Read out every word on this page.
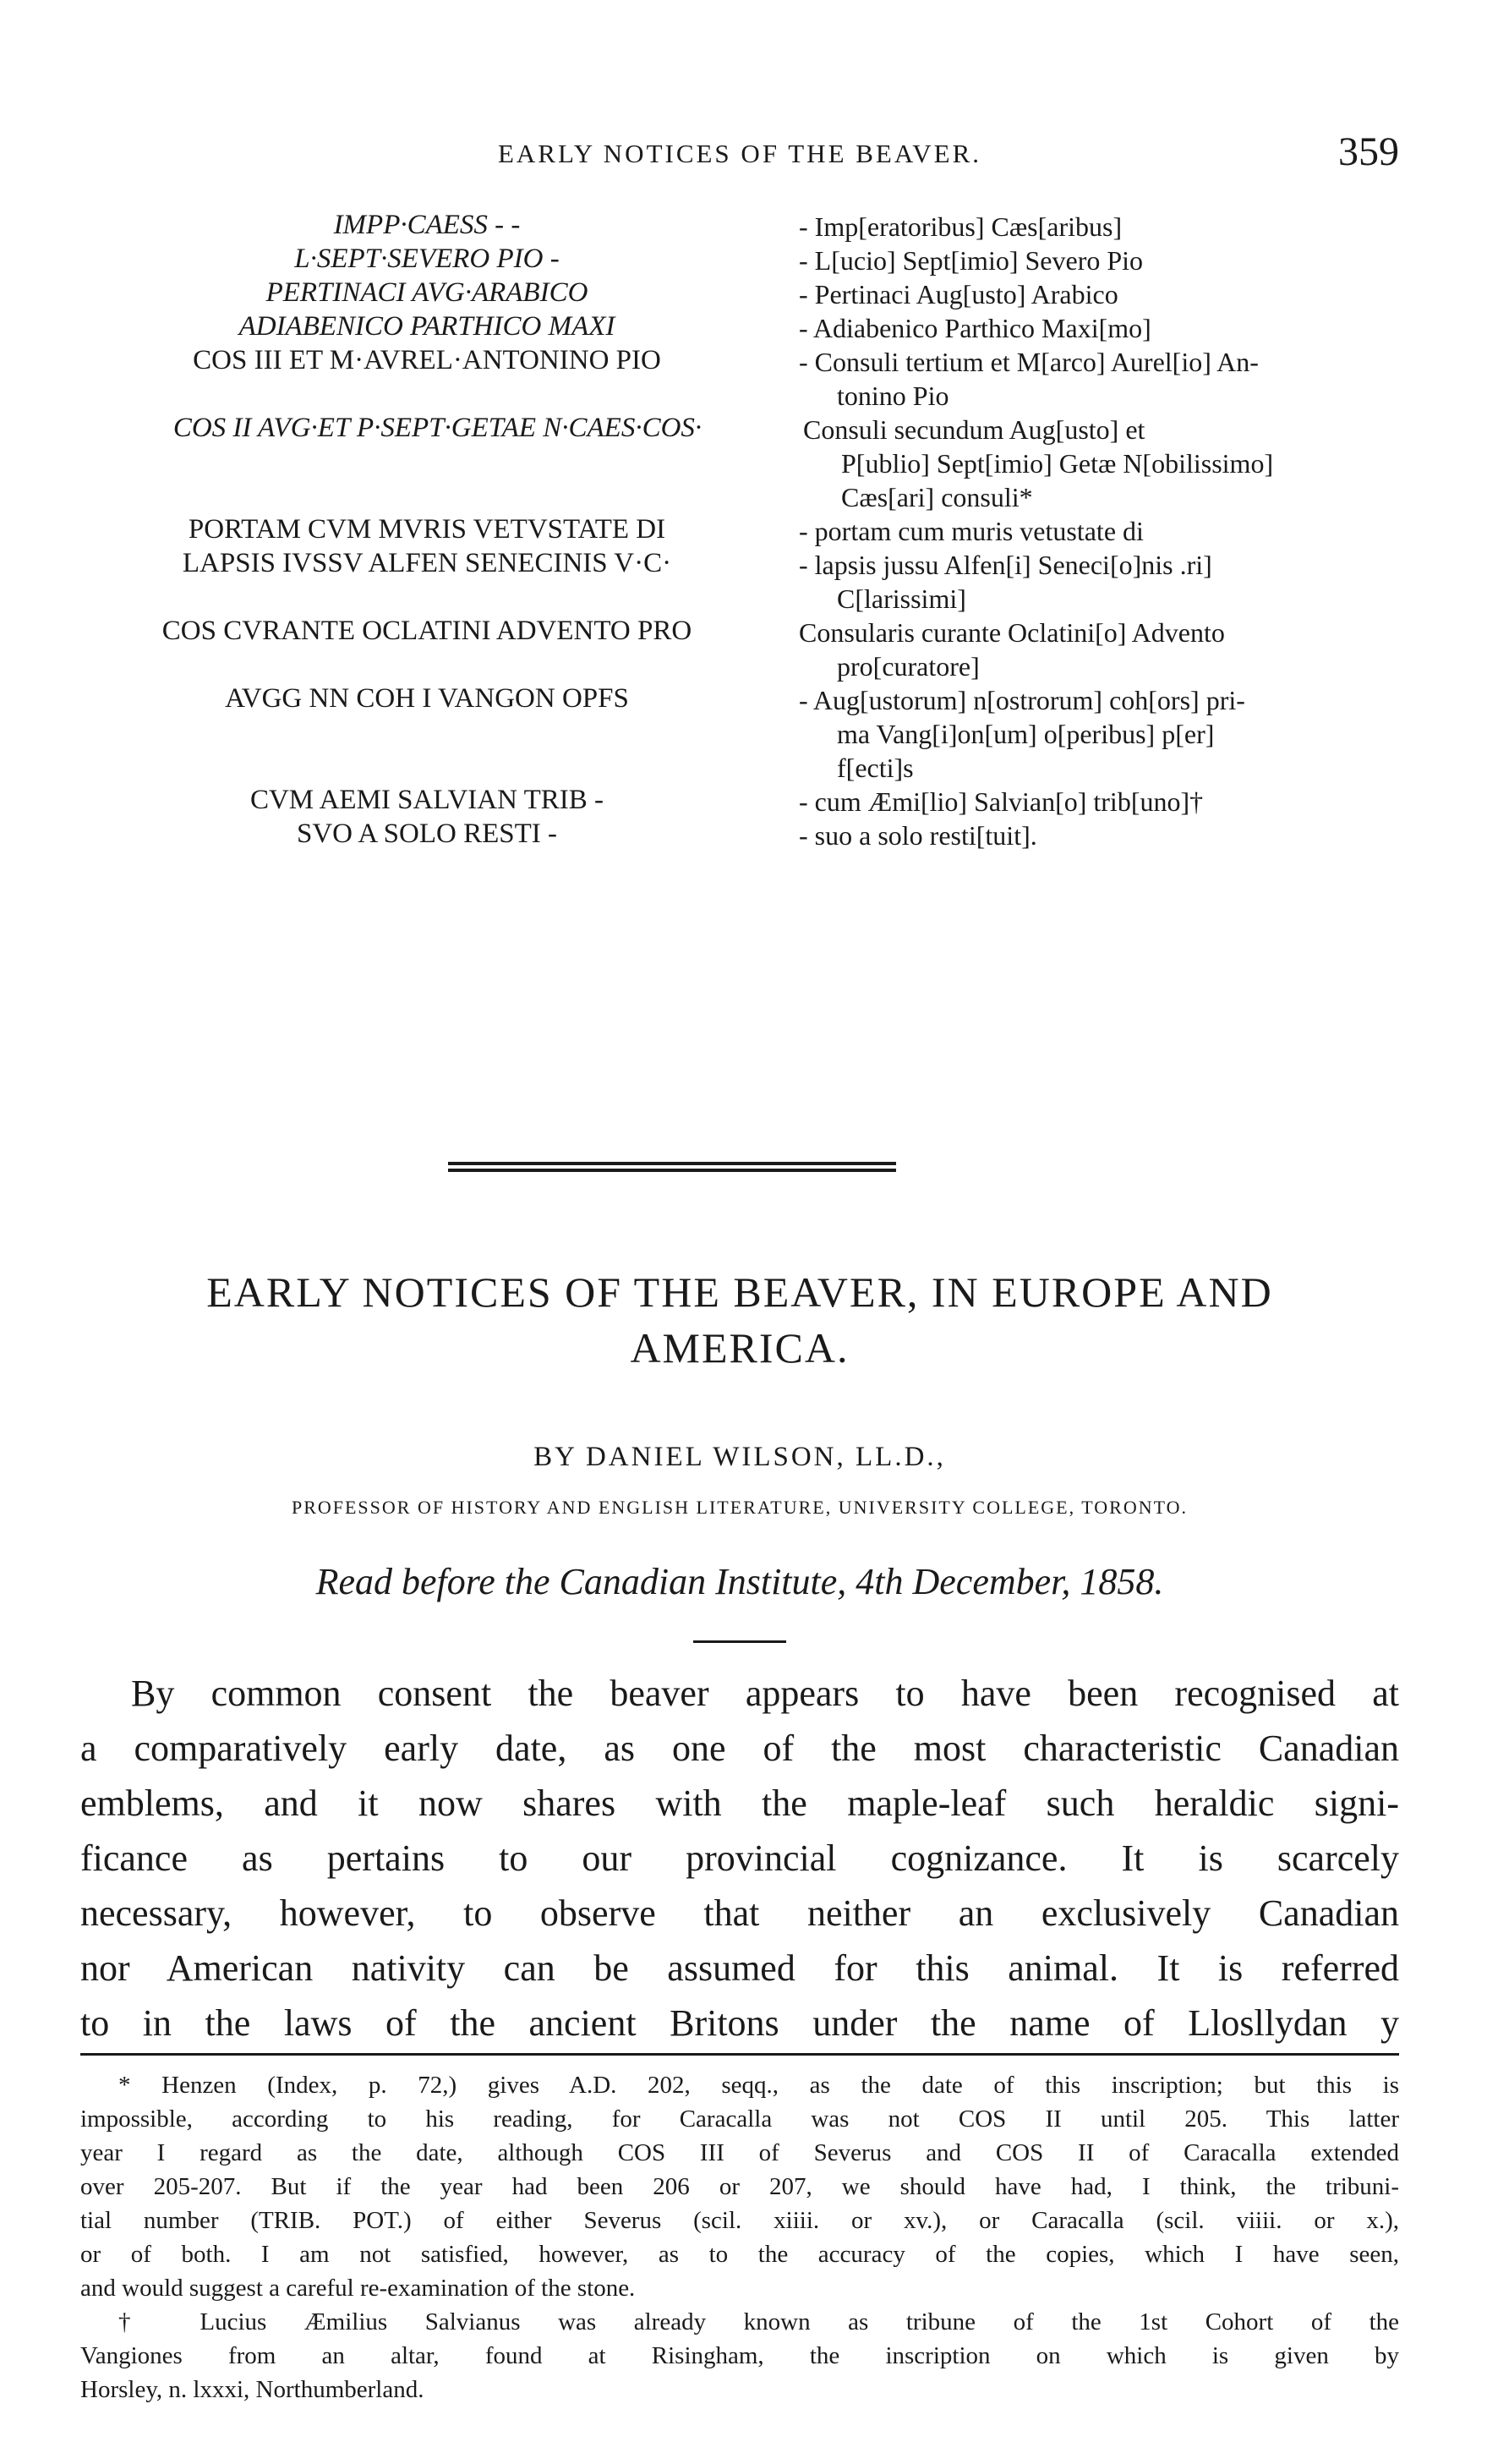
EARLY NOTICES OF THE BEAVER.	359
IMPP·CAESS - -	- Imp[eratoribus] Cæs[aribus]
L·SEPT·SEVERO PIO -	- L[ucio] Sept[imio] Severo Pio
PERTINACI AVG·ARABICO	- Pertinaci Aug[usto] Arabico
ADIABENICO PARTHICO MAXI	- Adiabenico Parthico Maxi[mo]
COS III ET M·AVREL·ANTONINO PIO	- Consuli tertium et M[arco] Aurel[io] An-
tonino Pio
COS II AVG·ET P·SEPT·GETAE N·CAES·COS·	Consuli secundum Aug[usto] et
P[ublio] Sept[imio] Getæ N[obilissimo]
Cæs[ari] consuli*
PORTAM CVM MVRIS VETVSTATE DI	- portam cum muris vetustate di
LAPSIS IVSSV ALFEN SENECINIS V·C·	- lapsis jussu Alfen[i] Seneci[o]nis .ri]
C[larissimi]
COS CVRANTE OCLATINI ADVENTO PRO	Consularis curante Oclatini[o] Advento
pro[curatore]
AVGG NN COH I VANGON OPFS	- Aug[ustorum] n[ostrorum] coh[ors] pri-
ma Vang[i]on[um] o[peribus] p[er]
f[ecti]s
CVM AEMI SALVIAN TRIB -	- cum Æmi[lio] Salvian[o] trib[uno]†
SVO A SOLO RESTI -	- suo a solo resti[tuit].
EARLY NOTICES OF THE BEAVER, IN EUROPE AND
AMERICA.
BY DANIEL WILSON, LL.D.,
PROFESSOR OF HISTORY AND ENGLISH LITERATURE, UNIVERSITY COLLEGE, TORONTO.
Read before the Canadian Institute, 4th December, 1858.
By common consent the beaver appears to have been recognised at
a comparatively early date, as one of the most characteristic Canadian
emblems, and it now shares with the maple-leaf such heraldic signi-
ficance as pertains to our provincial cognizance. It is scarcely
necessary, however, to observe that neither an exclusively Canadian
nor American nativity can be assumed for this animal. It is referred
to in the laws of the ancient Britons under the name of Llosllydan y
* Henzen (Index, p. 72,) gives A.D. 202, seqq., as the date of this inscription; but this is
impossible, according to his reading, for Caracalla was not COS II until 205. This latter
year I regard as the date, although COS III of Severus and COS II of Caracalla extended
over 205-207. But if the year had been 206 or 207, we should have had, I think, the tribuni-
tial number (TRIB. POT.) of either Severus (scil. xiiii. or xv.), or Caracalla (scil. viiii. or x.),
or of both. I am not satisfied, however, as to the accuracy of the copies, which I have seen,
and would suggest a careful re-examination of the stone.
† Lucius Æmilius Salvianus was already known as tribune of the 1st Cohort of the
Vangiones from an altar, found at Risingham, the inscription on which is given by
Horsley, n. lxxxi, Northumberland.
